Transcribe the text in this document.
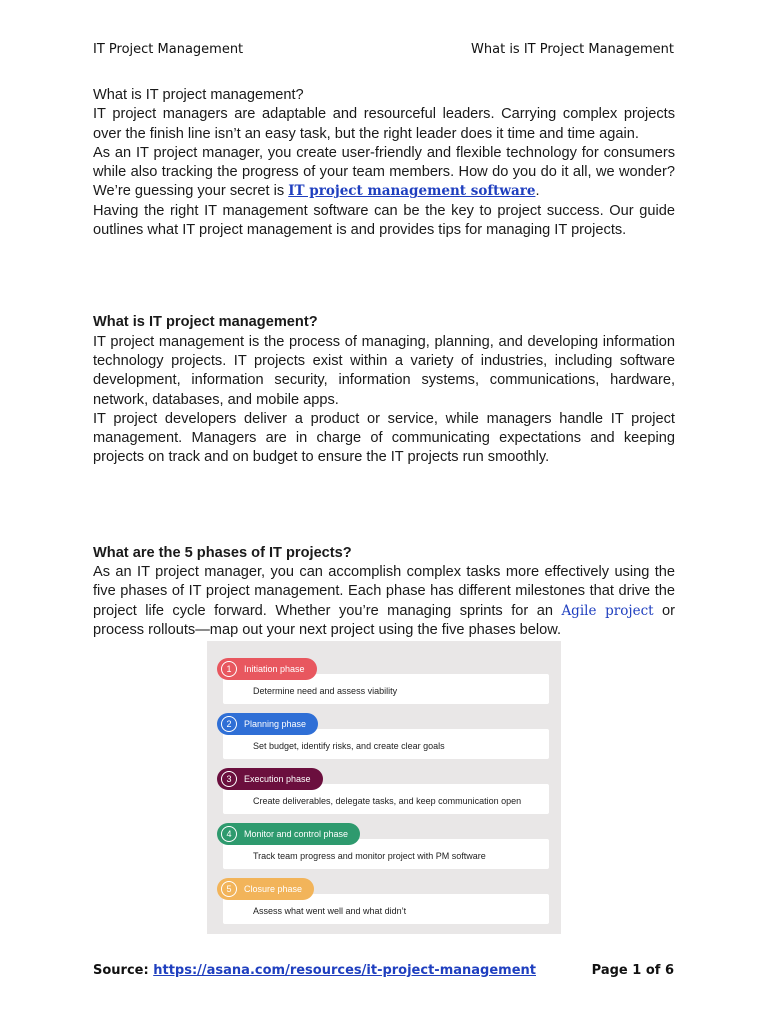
IT Project Management	What is IT Project Management
What is IT project management?

IT project managers are adaptable and resourceful leaders. Carrying complex projects over the finish line isn’t an easy task, but the right leader does it time and time again.

As an IT project manager, you create user-friendly and flexible technology for consumers while also tracking the progress of your team members. How do you do it all, we wonder? We’re guessing your secret is IT project management software.

Having the right IT management software can be the key to project success. Our guide outlines what IT project management is and provides tips for managing IT projects.

What is IT project management?

IT project management is the process of managing, planning, and developing information technology projects. IT projects exist within a variety of industries, including software development, information security, information systems, communications, hardware, network, databases, and mobile apps.

IT project developers deliver a product or service, while managers handle IT project management. Managers are in charge of communicating expectations and keeping projects on track and on budget to ensure the IT projects run smoothly.

What are the 5 phases of IT projects?

As an IT project manager, you can accomplish complex tasks more effectively using the five phases of IT project management. Each phase has different milestones that drive the project life cycle forward. Whether you’re managing sprints for an Agile project or process rollouts—map out your next project using the five phases below.

1	Initiation phase
Determine need and assess viability
2	Planning phase
Set budget, identify risks, and create clear goals
3	Execution phase
Create deliverables, delegate tasks, and keep communication open
4	Monitor and control phase
Track team progress and monitor project with PM software
5	Closure phase
Assess what went well and what didn’t
Source: https://asana.com/resources/it-project-management	Page 1 of 6
